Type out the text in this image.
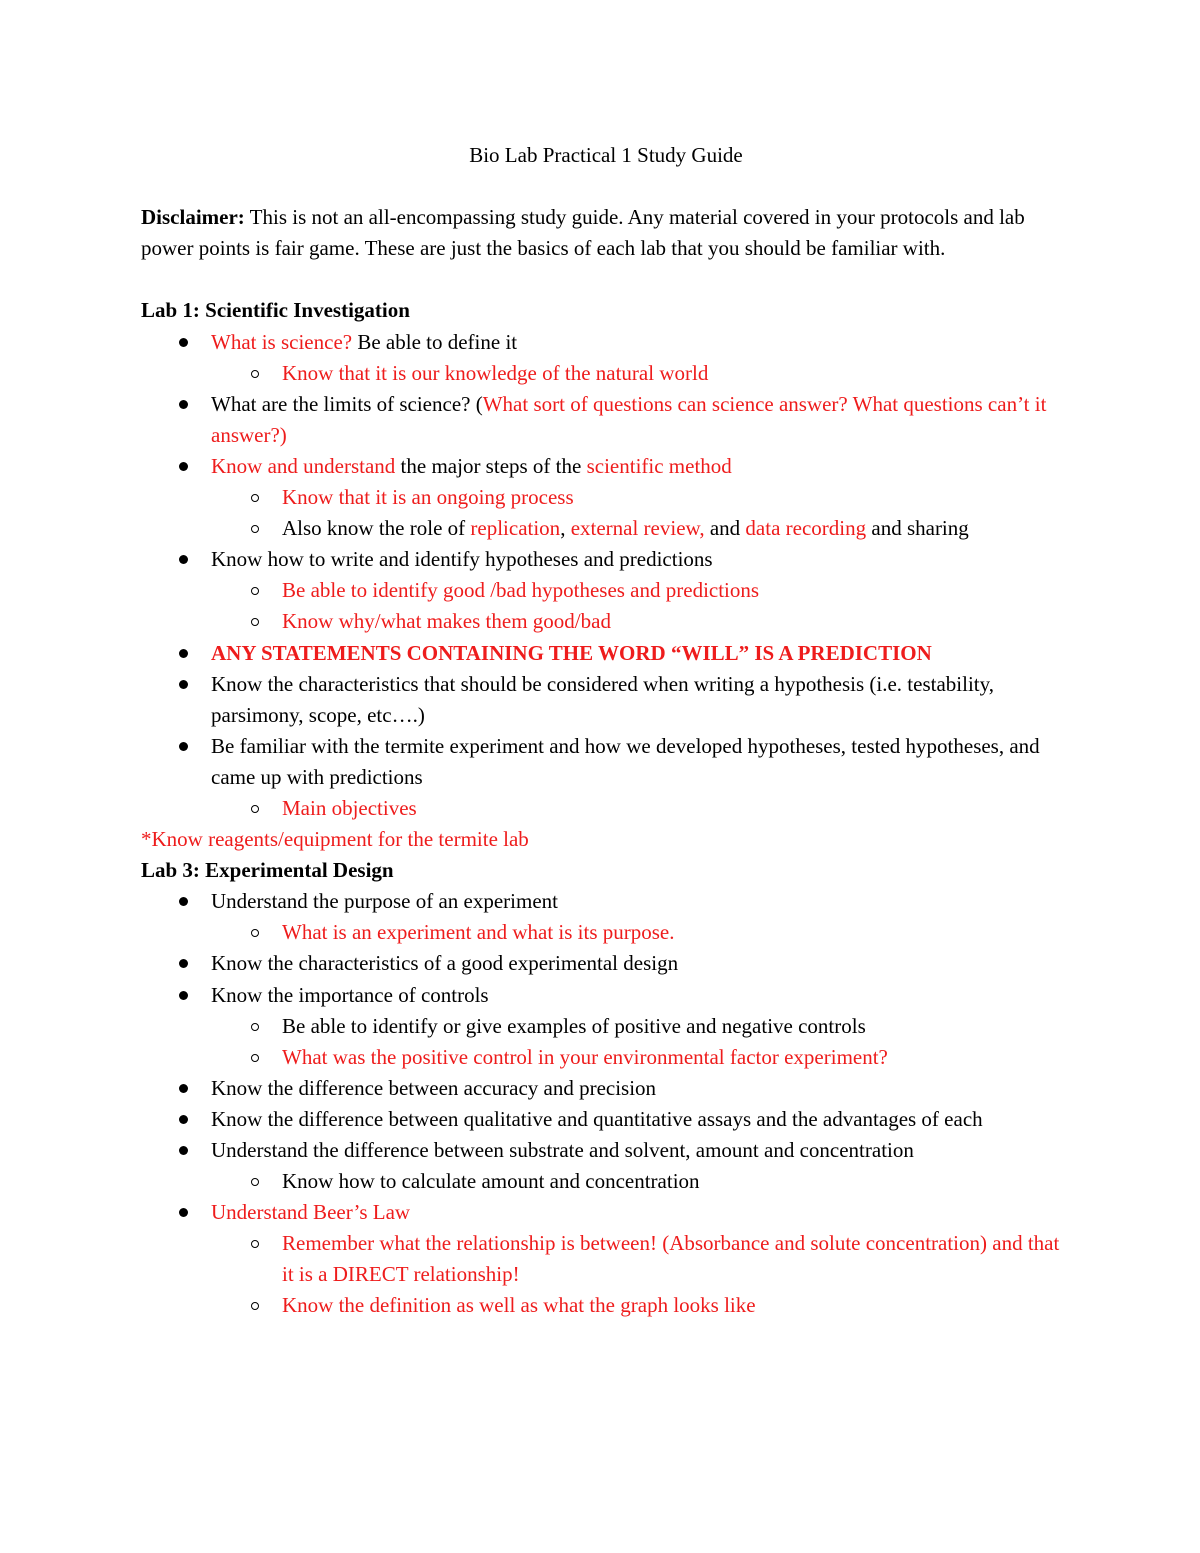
Bio Lab Practical 1 Study Guide

Disclaimer: This is not an all-encompassing study guide. Any material covered in your protocols and lab power points is fair game. These are just the basics of each lab that you should be familiar with.

Lab 1: Scientific Investigation

What is science? Be able to define it
Know that it is our knowledge of the natural world
What are the limits of science? (What sort of questions can science answer? What questions can’t it answer?)
Know and understand the major steps of the scientific method
Know that it is an ongoing process
Also know the role of replication, external review, and data recording and sharing
Know how to write and identify hypotheses and predictions
Be able to identify good /bad hypotheses and predictions
Know why/what makes them good/bad
ANY STATEMENTS CONTAINING THE WORD “WILL” IS A PREDICTION
Know the characteristics that should be considered when writing a hypothesis (i.e. testability, parsimony, scope, etc….)
Be familiar with the termite experiment and how we developed hypotheses, tested hypotheses, and came up with predictions
Main objectives

*Know reagents/equipment for the termite lab

Lab 3: Experimental Design

Understand the purpose of an experiment
What is an experiment and what is its purpose.
Know the characteristics of a good experimental design
Know the importance of controls
Be able to identify or give examples of positive and negative controls
What was the positive control in your environmental factor experiment?
Know the difference between accuracy and precision
Know the difference between qualitative and quantitative assays and the advantages of each
Understand the difference between substrate and solvent, amount and concentration
Know how to calculate amount and concentration
Understand Beer’s Law
Remember what the relationship is between! (Absorbance and solute concentration) and that it is a DIRECT relationship!
Know the definition as well as what the graph looks like
